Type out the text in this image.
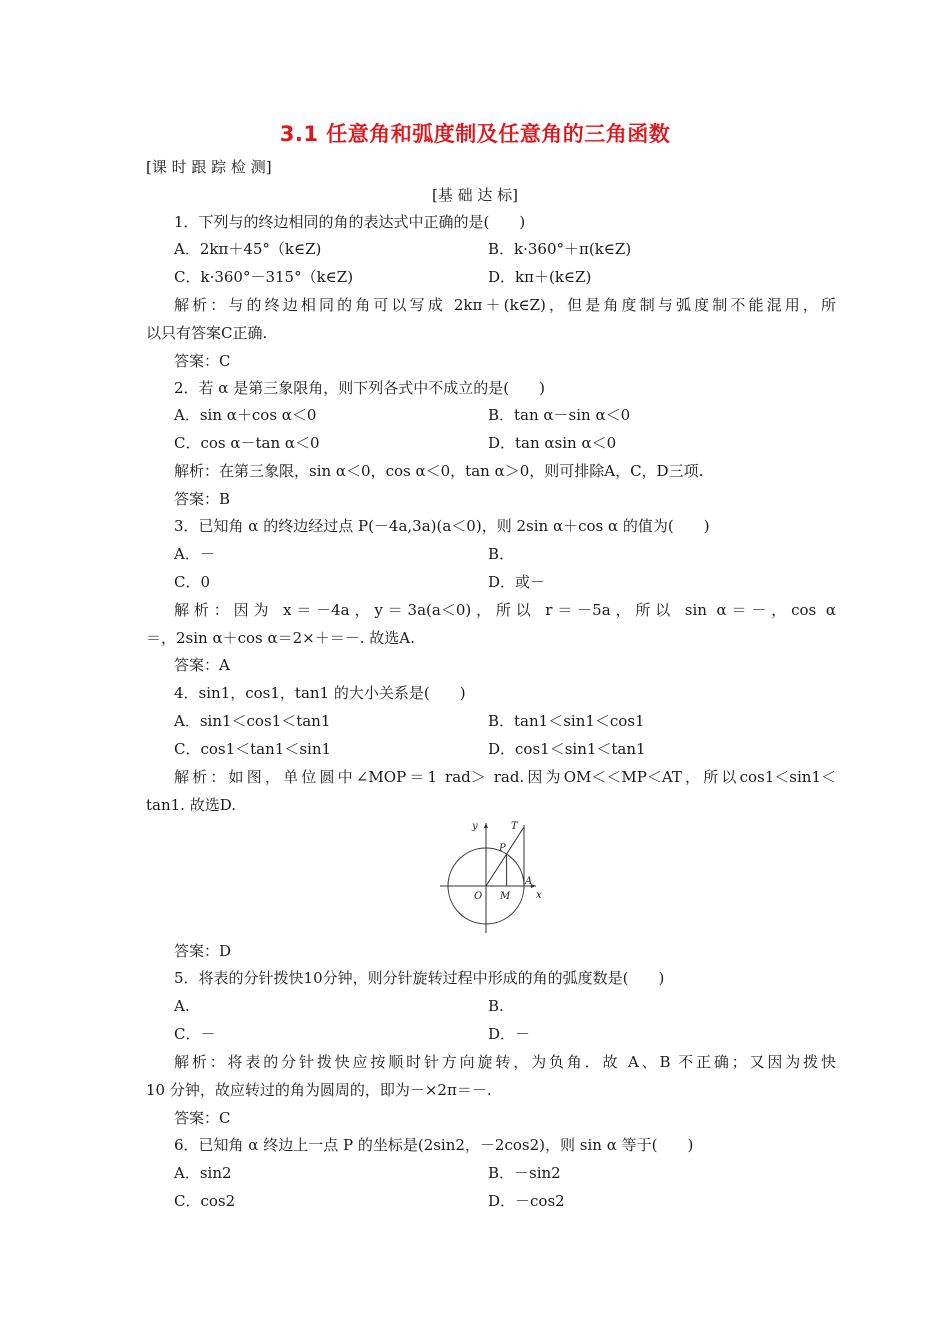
3.1 任意角和弧度制及任意角的三角函数
[课 时 跟 踪 检 测]
[基 础 达 标]
1．下列与的终边相同的角的表达式中正确的是(　　)
A．2kπ＋45°（k∈Z)	B．k·360°＋π(k∈Z)
C．k·360°－315°（k∈Z)	D．kπ＋(k∈Z)
解析：与的终边相同的角可以写成 2kπ＋(k∈Z)，但是角度制与弧度制不能混用，所
以只有答案C正确.
答案：C
2．若 α 是第三象限角，则下列各式中不成立的是(　　)
A．sin α＋cos α＜0	B．tan α－sin α＜0
C．cos α－tan α＜0	D．tan αsin α＜0
解析：在第三象限，sin α＜0，cos α＜0，tan α＞0，则可排除A，C，D三项.
答案：B
3．已知角 α 的终边经过点 P(－4a,3a)(a＜0)，则 2sin α＋cos α 的值为(　　)
A．－	B．
C．0	D．或－
解析：因为 x＝－4a，y＝3a(a＜0)，所以 r＝－5a，所以 sin α＝－，cos α
＝，2sin α＋cos α＝2×＋＝－. 故选A.
答案：A
4．sin1，cos1，tan1 的大小关系是(　　)
A．sin1＜cos1＜tan1	B．tan1＜sin1＜cos1
C．cos1＜tan1＜sin1	D．cos1＜sin1＜tan1
解析：如图，单位圆中∠MOP＝1 rad＞ rad.因为OM＜＜MP＜AT，所以cos1＜sin1＜
tan1. 故选D.
y
x
O M
A
P
T
答案：D
5．将表的分针拨快10分钟，则分针旋转过程中形成的角的弧度数是(　　)
A.	B.
C．－	D．－
解析：将表的分针拨快应按顺时针方向旋转，为负角．故 A、B 不正确；又因为拨快
10 分钟，故应转过的角为圆周的，即为－×2π＝－.
答案：C
6．已知角 α 终边上一点 P 的坐标是(2sin2，－2cos2)，则 sin α 等于(　　)
A．sin2	B．－sin2
C．cos2	D．－cos2
